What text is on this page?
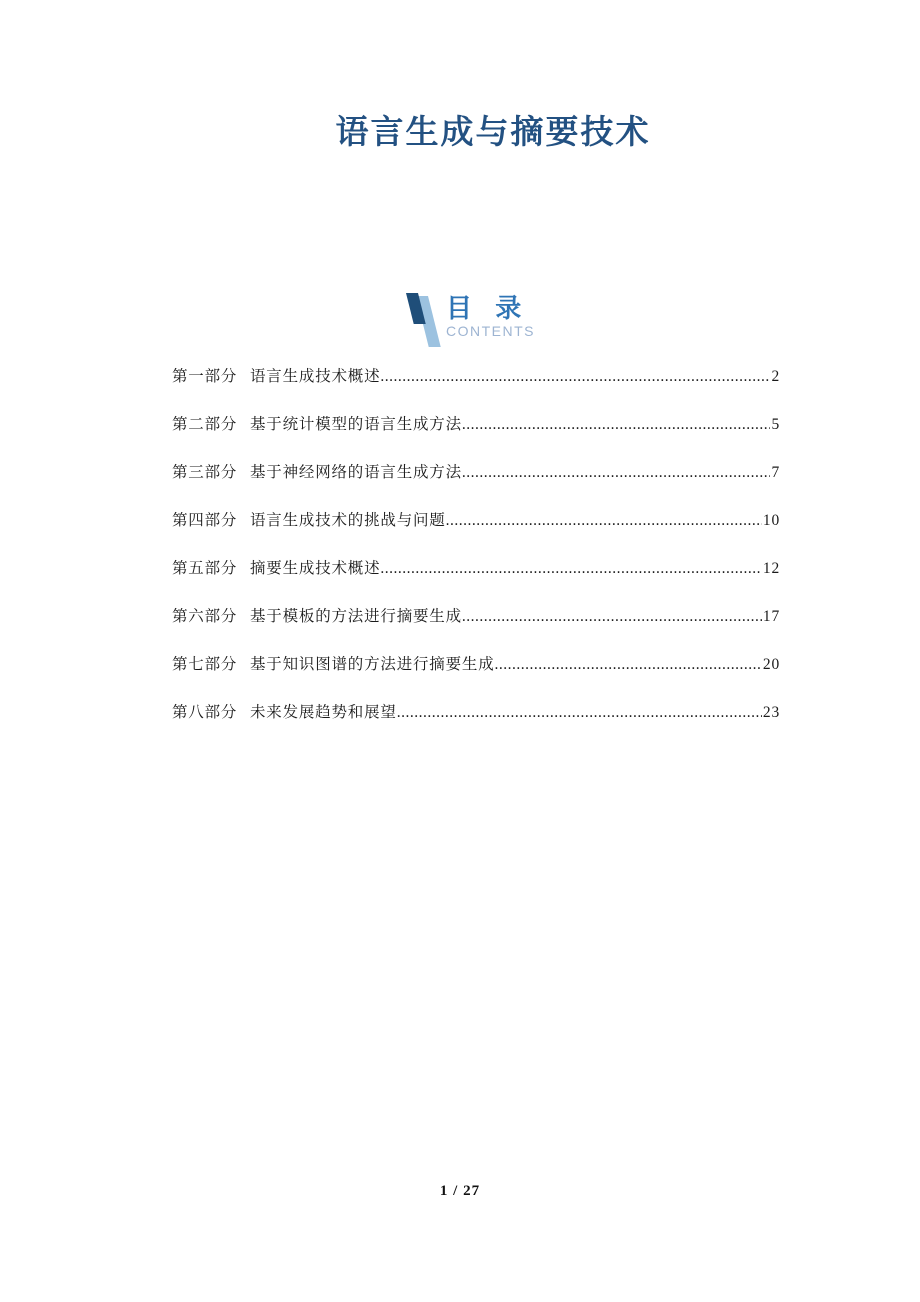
语言生成与摘要技术
目 录
CONTENTS
第一部分 语言生成技术概述 .....	2
第二部分 基于统计模型的语言生成方法 .....	5
第三部分 基于神经网络的语言生成方法 .....	7
第四部分 语言生成技术的挑战与问题 .....	10
第五部分 摘要生成技术概述 .....	12
第六部分 基于模板的方法进行摘要生成 .....	17
第七部分 基于知识图谱的方法进行摘要生成 .....	20
第八部分 未来发展趋势和展望 .....	23
1 / 27
